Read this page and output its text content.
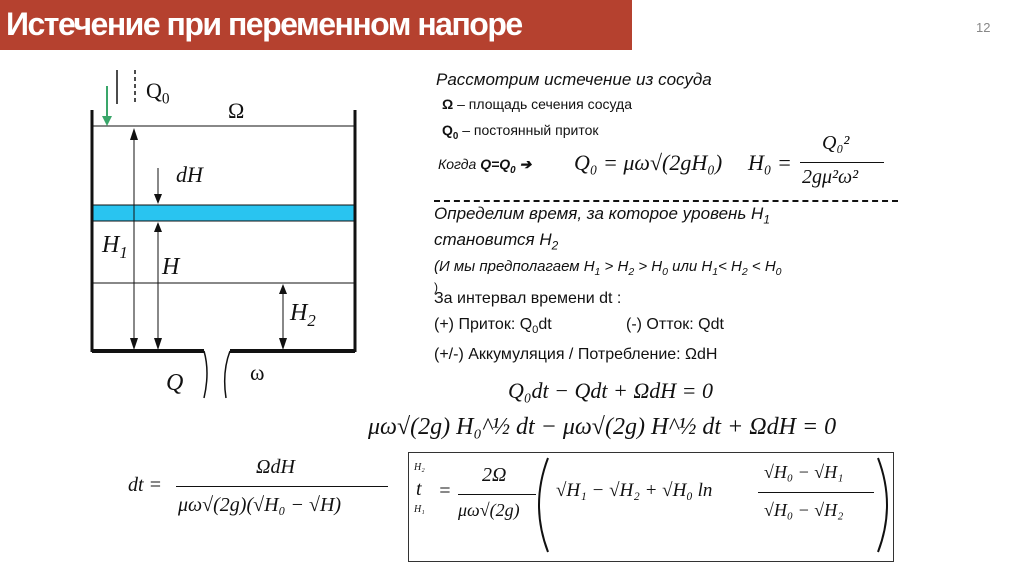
Истечение при переменном напоре	12
$Q_0$	Ω
dH
$H_1$
H
$H_2$
Q	ω
Рассмотрим истечение из сосуда
Ω – площадь сечения сосуда
$Q_0$ – постоянный приток
Когда $Q=Q_0$ ➔ Q₀ = μω√(2gH₀) H₀ =
Q₀²
2gμ²ω²
Определим время, за которое уровень $H_1$
становится $H_2$
(И мы предполагаем $H_1 > H_2 > H_0$ или $H_1< H_2 < H_0$
)
За интервал времени dt :
(+) Приток: $Q_0dt$	(-) Отток: Qdt
(+/-) Аккумуляция / Потребление: ΩdH
Q₀dt − Qdt + ΩdH = 0
μω√(2g) H₀^½ dt − μω√(2g) H^½ dt + ΩdH = 0
dt =
ΩdH
μω√(2g)(√H₀ − √H)
H₂
t
H₁
=
2Ω
μω√(2g)
√H₁ − √H₂ + √H₀ ln
√H₀ − √H₁
√H₀ − √H₂
